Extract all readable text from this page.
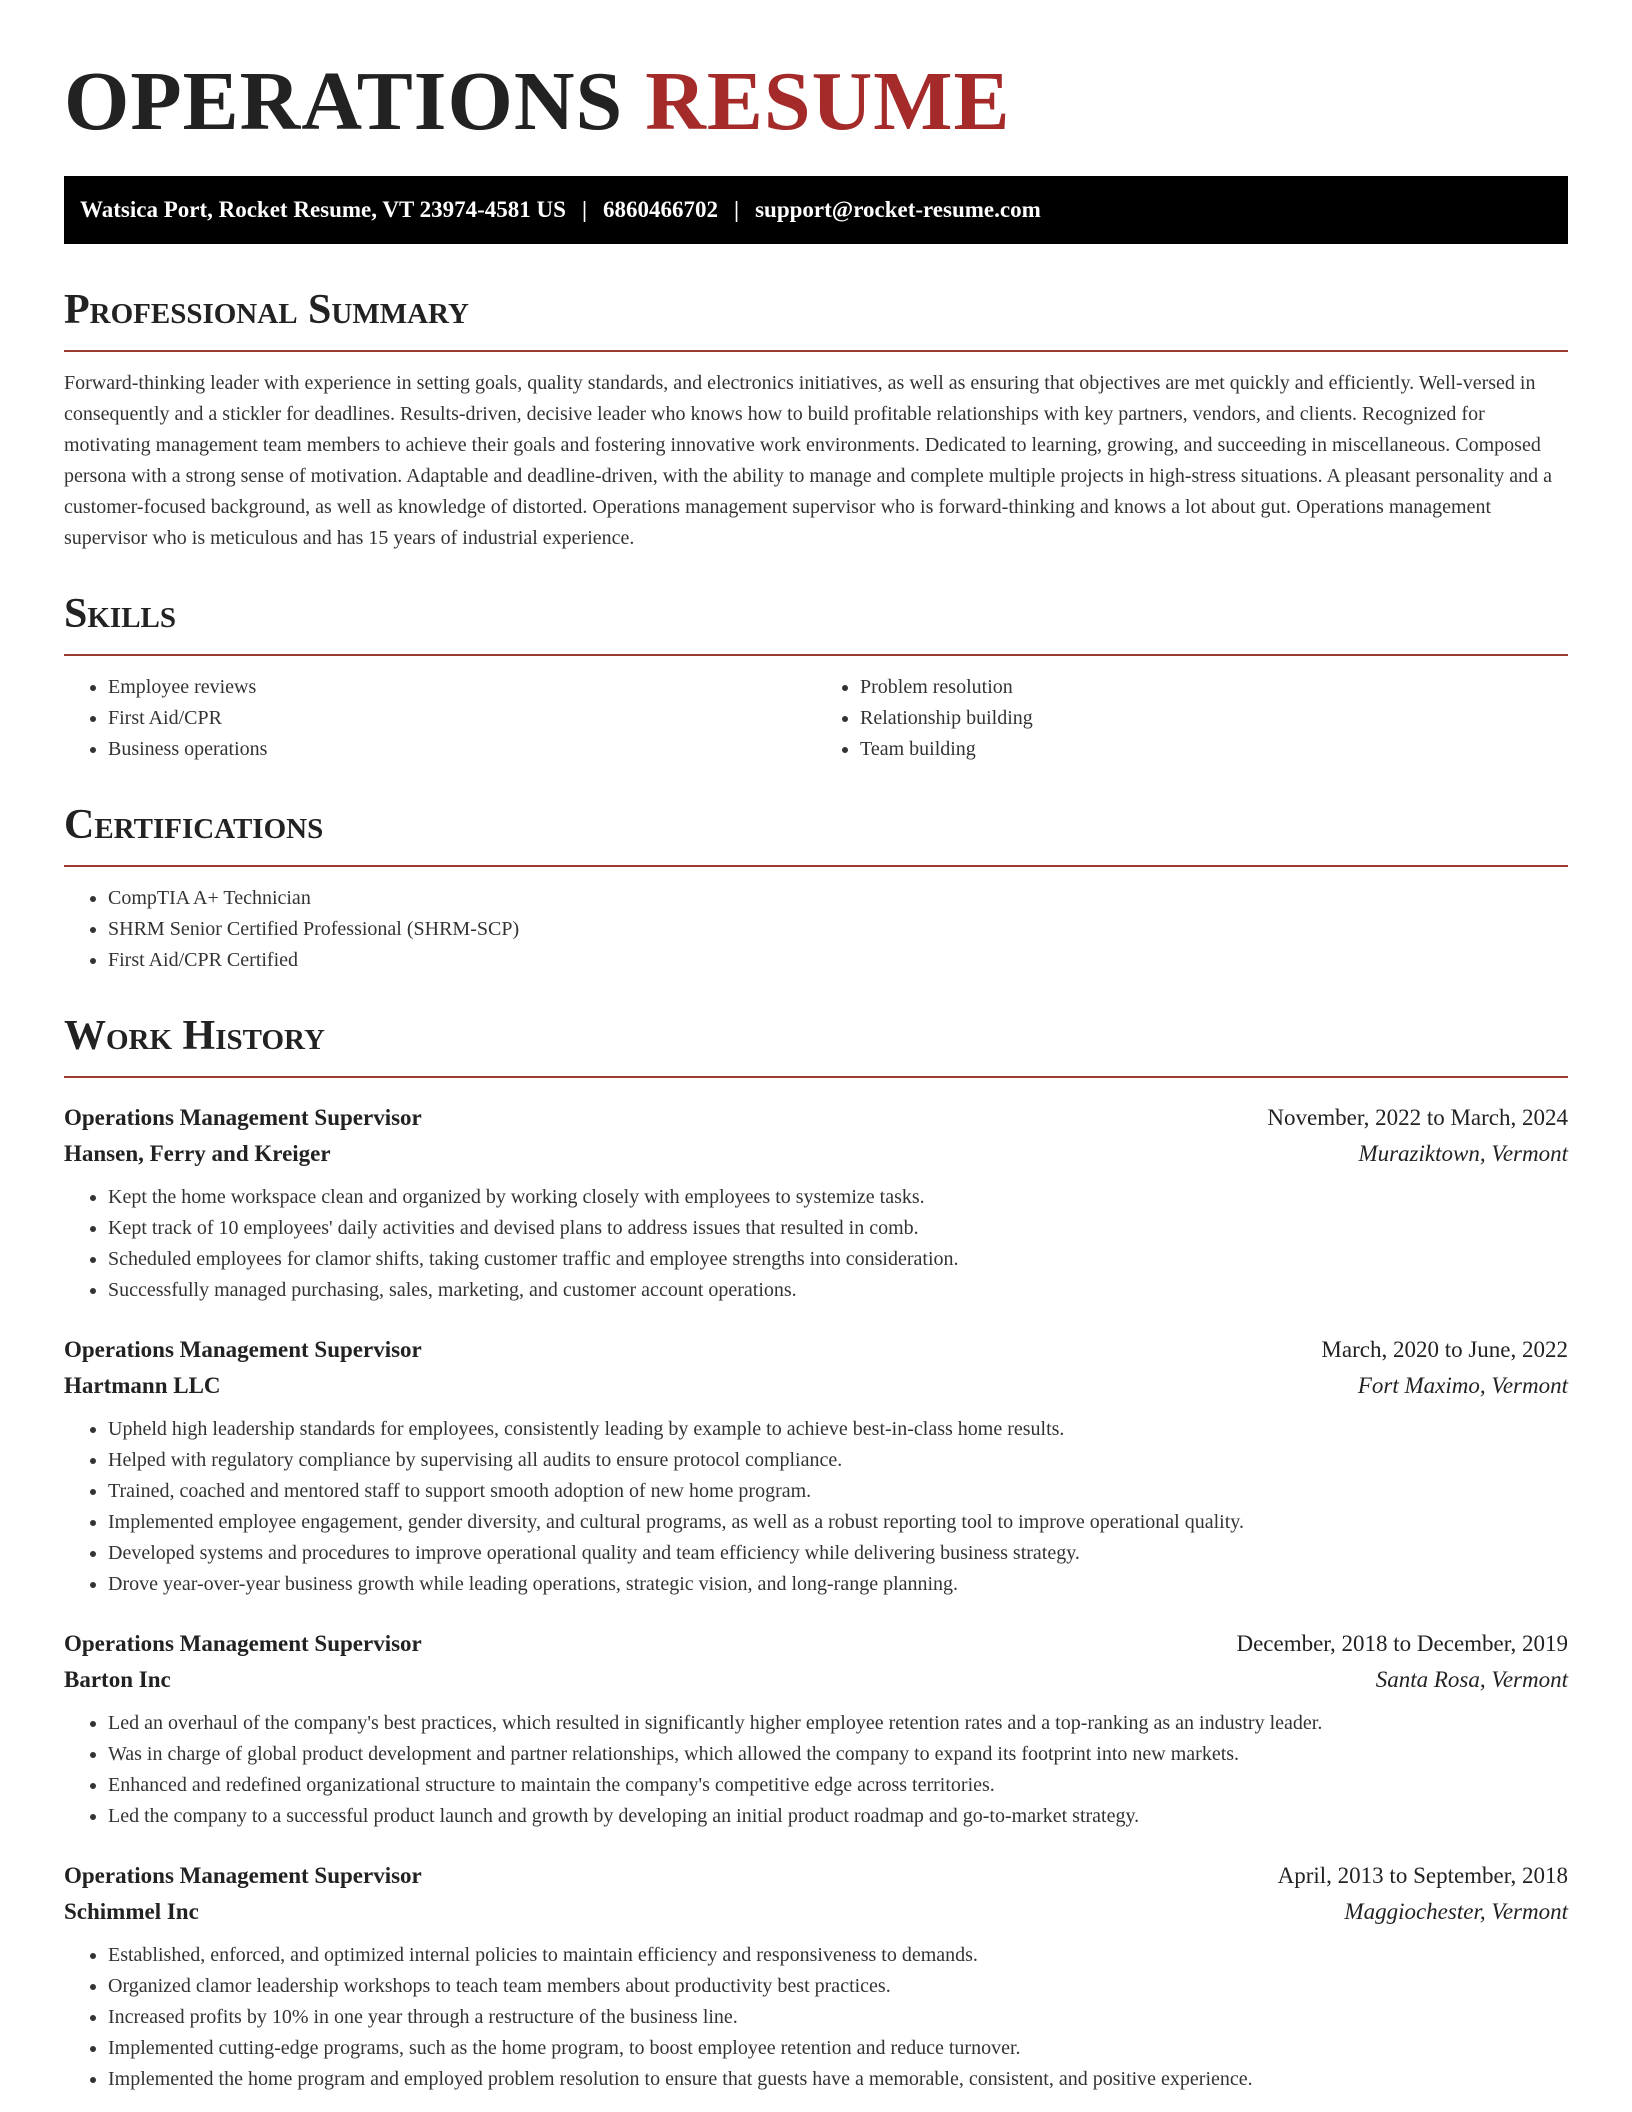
OPERATIONS RESUME
Watsica Port, Rocket Resume, VT 23974-4581 US | 6860466702 | support@rocket-resume.com
Professional Summary

Forward-thinking leader with experience in setting goals, quality standards, and electronics initiatives, as well as ensuring that objectives are met quickly and efficiently. Well-versed in consequently and a stickler for deadlines. Results-driven, decisive leader who knows how to build profitable relationships with key partners, vendors, and clients. Recognized for motivating management team members to achieve their goals and fostering innovative work environments. Dedicated to learning, growing, and succeeding in miscellaneous. Composed persona with a strong sense of motivation. Adaptable and deadline-driven, with the ability to manage and complete multiple projects in high-stress situations. A pleasant personality and a customer-focused background, as well as knowledge of distorted. Operations management supervisor who is forward-thinking and knows a lot about gut. Operations management supervisor who is meticulous and has 15 years of industrial experience.

Skills
• Employee reviews
• First Aid/CPR
• Business operations
• Problem resolution
• Relationship building
• Team building
Certifications
• CompTIA A+ Technician
• SHRM Senior Certified Professional (SHRM-SCP)
• First Aid/CPR Certified
Work History
Operations Management Supervisor	November, 2022 to March, 2024
Hansen, Ferry and Kreiger	Muraziktown, Vermont
• Kept the home workspace clean and organized by working closely with employees to systemize tasks.
• Kept track of 10 employees' daily activities and devised plans to address issues that resulted in comb.
• Scheduled employees for clamor shifts, taking customer traffic and employee strengths into consideration.
• Successfully managed purchasing, sales, marketing, and customer account operations.
Operations Management Supervisor	March, 2020 to June, 2022
Hartmann LLC	Fort Maximo, Vermont
• Upheld high leadership standards for employees, consistently leading by example to achieve best-in-class home results.
• Helped with regulatory compliance by supervising all audits to ensure protocol compliance.
• Trained, coached and mentored staff to support smooth adoption of new home program.
• Implemented employee engagement, gender diversity, and cultural programs, as well as a robust reporting tool to improve operational quality.
• Developed systems and procedures to improve operational quality and team efficiency while delivering business strategy.
• Drove year-over-year business growth while leading operations, strategic vision, and long-range planning.
Operations Management Supervisor	December, 2018 to December, 2019
Barton Inc	Santa Rosa, Vermont
• Led an overhaul of the company's best practices, which resulted in significantly higher employee retention rates and a top-ranking as an industry leader.
• Was in charge of global product development and partner relationships, which allowed the company to expand its footprint into new markets.
• Enhanced and redefined organizational structure to maintain the company's competitive edge across territories.
• Led the company to a successful product launch and growth by developing an initial product roadmap and go-to-market strategy.
Operations Management Supervisor	April, 2013 to September, 2018
Schimmel Inc	Maggiochester, Vermont
• Established, enforced, and optimized internal policies to maintain efficiency and responsiveness to demands.
• Organized clamor leadership workshops to teach team members about productivity best practices.
• Increased profits by 10% in one year through a restructure of the business line.
• Implemented cutting-edge programs, such as the home program, to boost employee retention and reduce turnover.
• Implemented the home program and employed problem resolution to ensure that guests have a memorable, consistent, and positive experience.
